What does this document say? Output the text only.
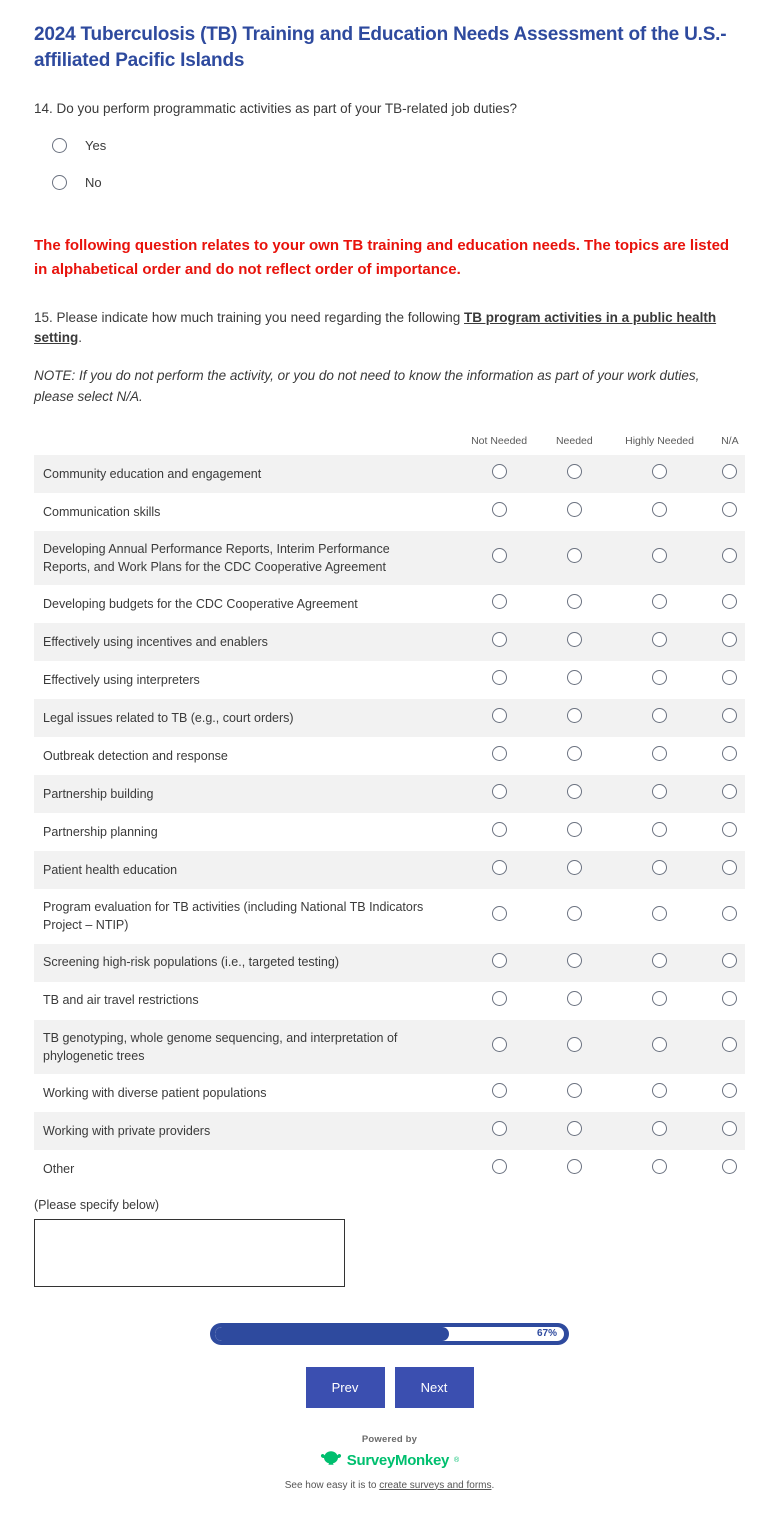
2024 Tuberculosis (TB) Training and Education Needs Assessment of the U.S.-affiliated Pacific Islands
14. Do you perform programmatic activities as part of your TB-related job duties?
Yes
No
The following question relates to your own TB training and education needs. The topics are listed in alphabetical order and do not reflect order of importance.
15. Please indicate how much training you need regarding the following TB program activities in a public health setting.
NOTE: If you do not perform the activity, or you do not need to know the information as part of your work duties, please select N/A.
	Not Needed	Needed	Highly Needed	N/A
Community education and engagement				
Communication skills				
Developing Annual Performance Reports, Interim Performance Reports, and Work Plans for the CDC Cooperative Agreement				
Developing budgets for the CDC Cooperative Agreement				
Effectively using incentives and enablers				
Effectively using interpreters				
Legal issues related to TB (e.g., court orders)				
Outbreak detection and response				
Partnership building				
Partnership planning				
Patient health education				
Program evaluation for TB activities (including National TB Indicators Project – NTIP)				
Screening high-risk populations (i.e., targeted testing)				
TB and air travel restrictions				
TB genotyping, whole genome sequencing, and interpretation of phylogenetic trees				
Working with diverse patient populations				
Working with private providers				
Other				
(Please specify below)
67%
Prev	Next
Powered by
SurveyMonkey ®
See how easy it is to create surveys and forms.
